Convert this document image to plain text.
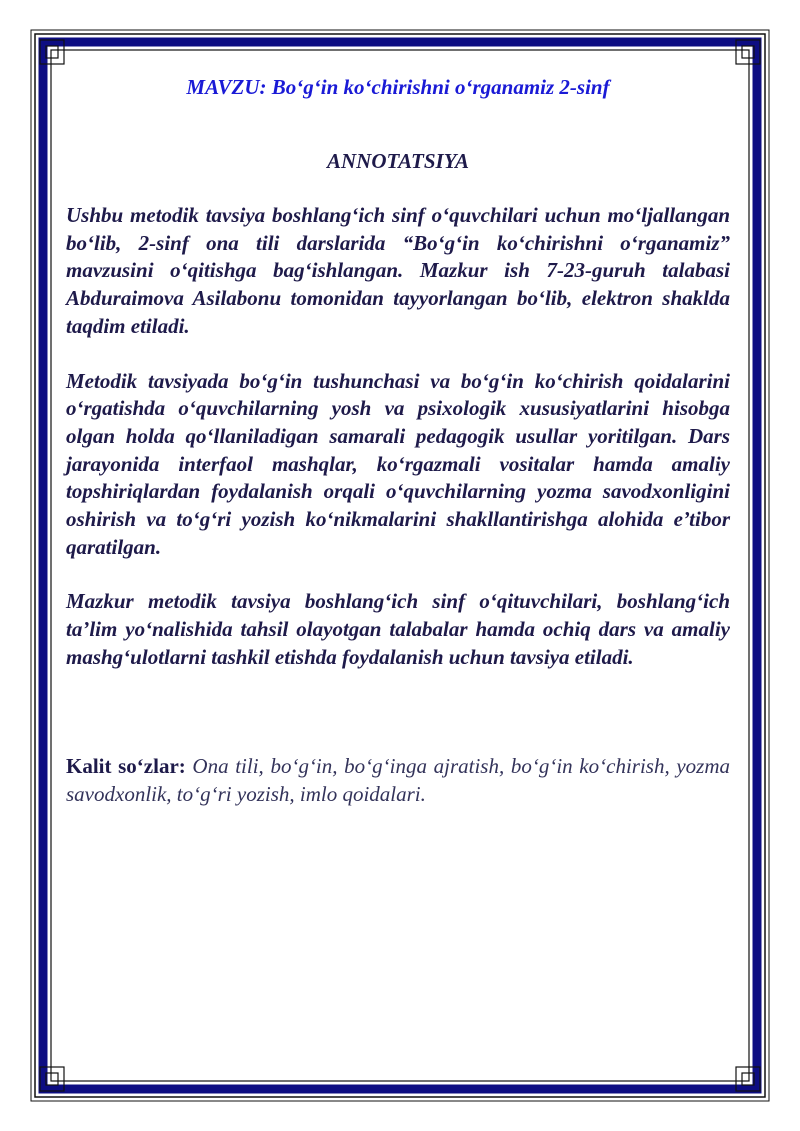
MAVZU: Bo‘g‘in ko‘chirishni o‘rganamiz 2-sinf

ANNOTATSIYA

Ushbu metodik tavsiya boshlang‘ich sinf o‘quvchilari uchun mo‘ljallangan bo‘lib, 2-sinf ona tili darslarida “Bo‘g‘in ko‘chirishni o‘rganamiz” mavzusini o‘qitishga bag‘ishlangan. Mazkur ish 7-23-guruh talabasi Abduraimova Asilabonu tomonidan tayyorlangan bo‘lib, elektron shaklda taqdim etiladi.

Metodik tavsiyada bo‘g‘in tushunchasi va bo‘g‘in ko‘chirish qoidalarini o‘rgatishda o‘quvchilarning yosh va psixologik xususiyatlarini hisobga olgan holda qo‘llaniladigan samarali pedagogik usullar yoritilgan. Dars jarayonida interfaol mashqlar, ko‘rgazmali vositalar hamda amaliy topshiriqlardan foydalanish orqali o‘quvchilarning yozma savodxonligini oshirish va to‘g‘ri yozish ko‘nikmalarini shakllantirishga alohida e’tibor qaratilgan.

Mazkur metodik tavsiya boshlang‘ich sinf o‘qituvchilari, boshlang‘ich ta’lim yo‘nalishida tahsil olayotgan talabalar hamda ochiq dars va amaliy mashg‘ulotlarni tashkil etishda foydalanish uchun tavsiya etiladi.

Kalit so‘zlar: Ona tili, bo‘g‘in, bo‘g‘inga ajratish, bo‘g‘in ko‘chirish, yozma savodxonlik, to‘g‘ri yozish, imlo qoidalari.
